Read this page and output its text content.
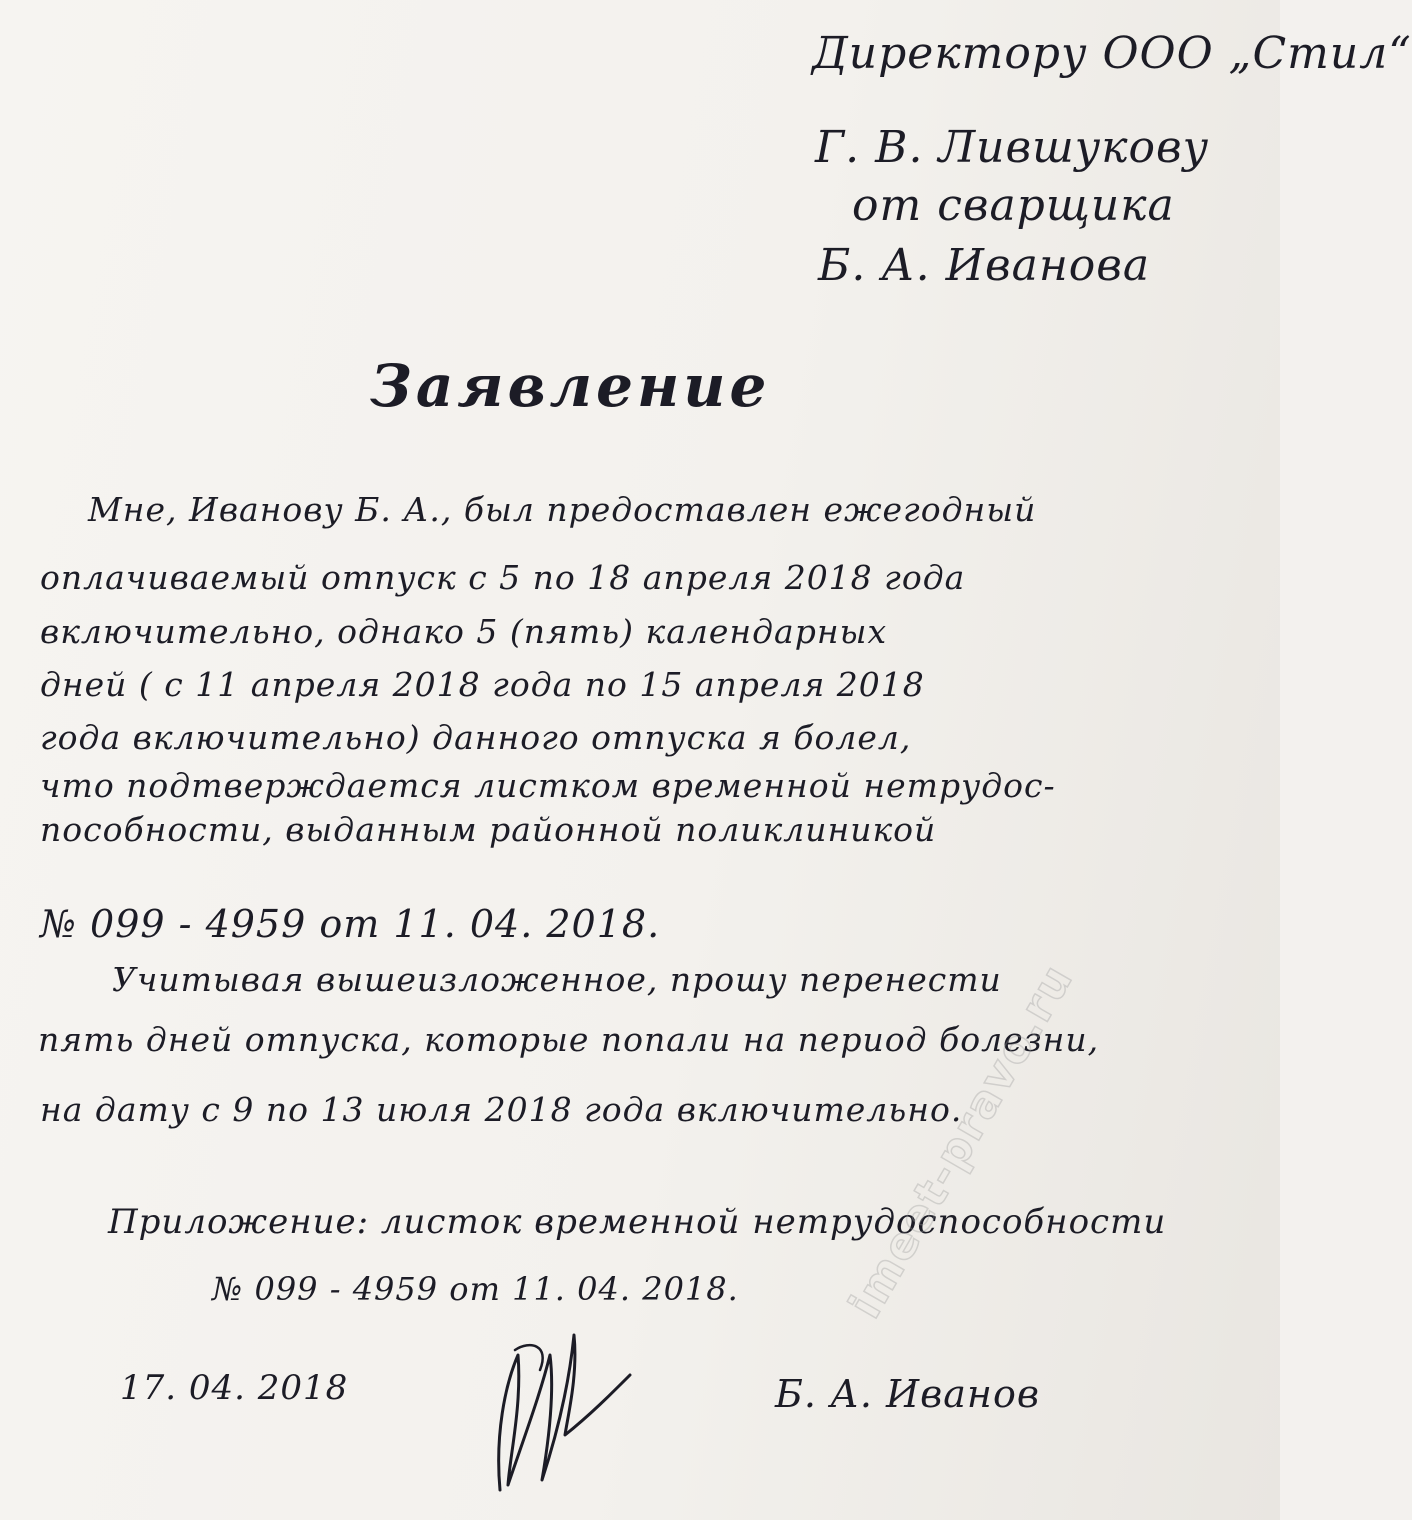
Директору ООО „Стил“

Г. В. Лившукову

от сварщика

Б. А. Иванова

Заявление

Мне, Иванову Б. А., был предоставлен ежегодный

оплачиваемый отпуск с 5 по 18 апреля 2018 года

включительно, однако 5 (пять) календарных

дней ( с 11 апреля 2018 года по 15 апреля 2018

года включительно) данного отпуска я болел,

что подтверждается листком временной нетрудос-

пособности, выданным районной поликлиникой

№ 099 - 4959 от 11. 04. 2018.

Учитывая вышеизложенное, прошу перенести

пять дней отпуска, которые попали на период болезни,

на дату с 9 по 13 июля 2018 года включительно.

Приложение: листок временной нетрудоспособности

№ 099 - 4959 от 11. 04. 2018.

17. 04. 2018	Б. А. Иванов

imeet-pravo.ru
